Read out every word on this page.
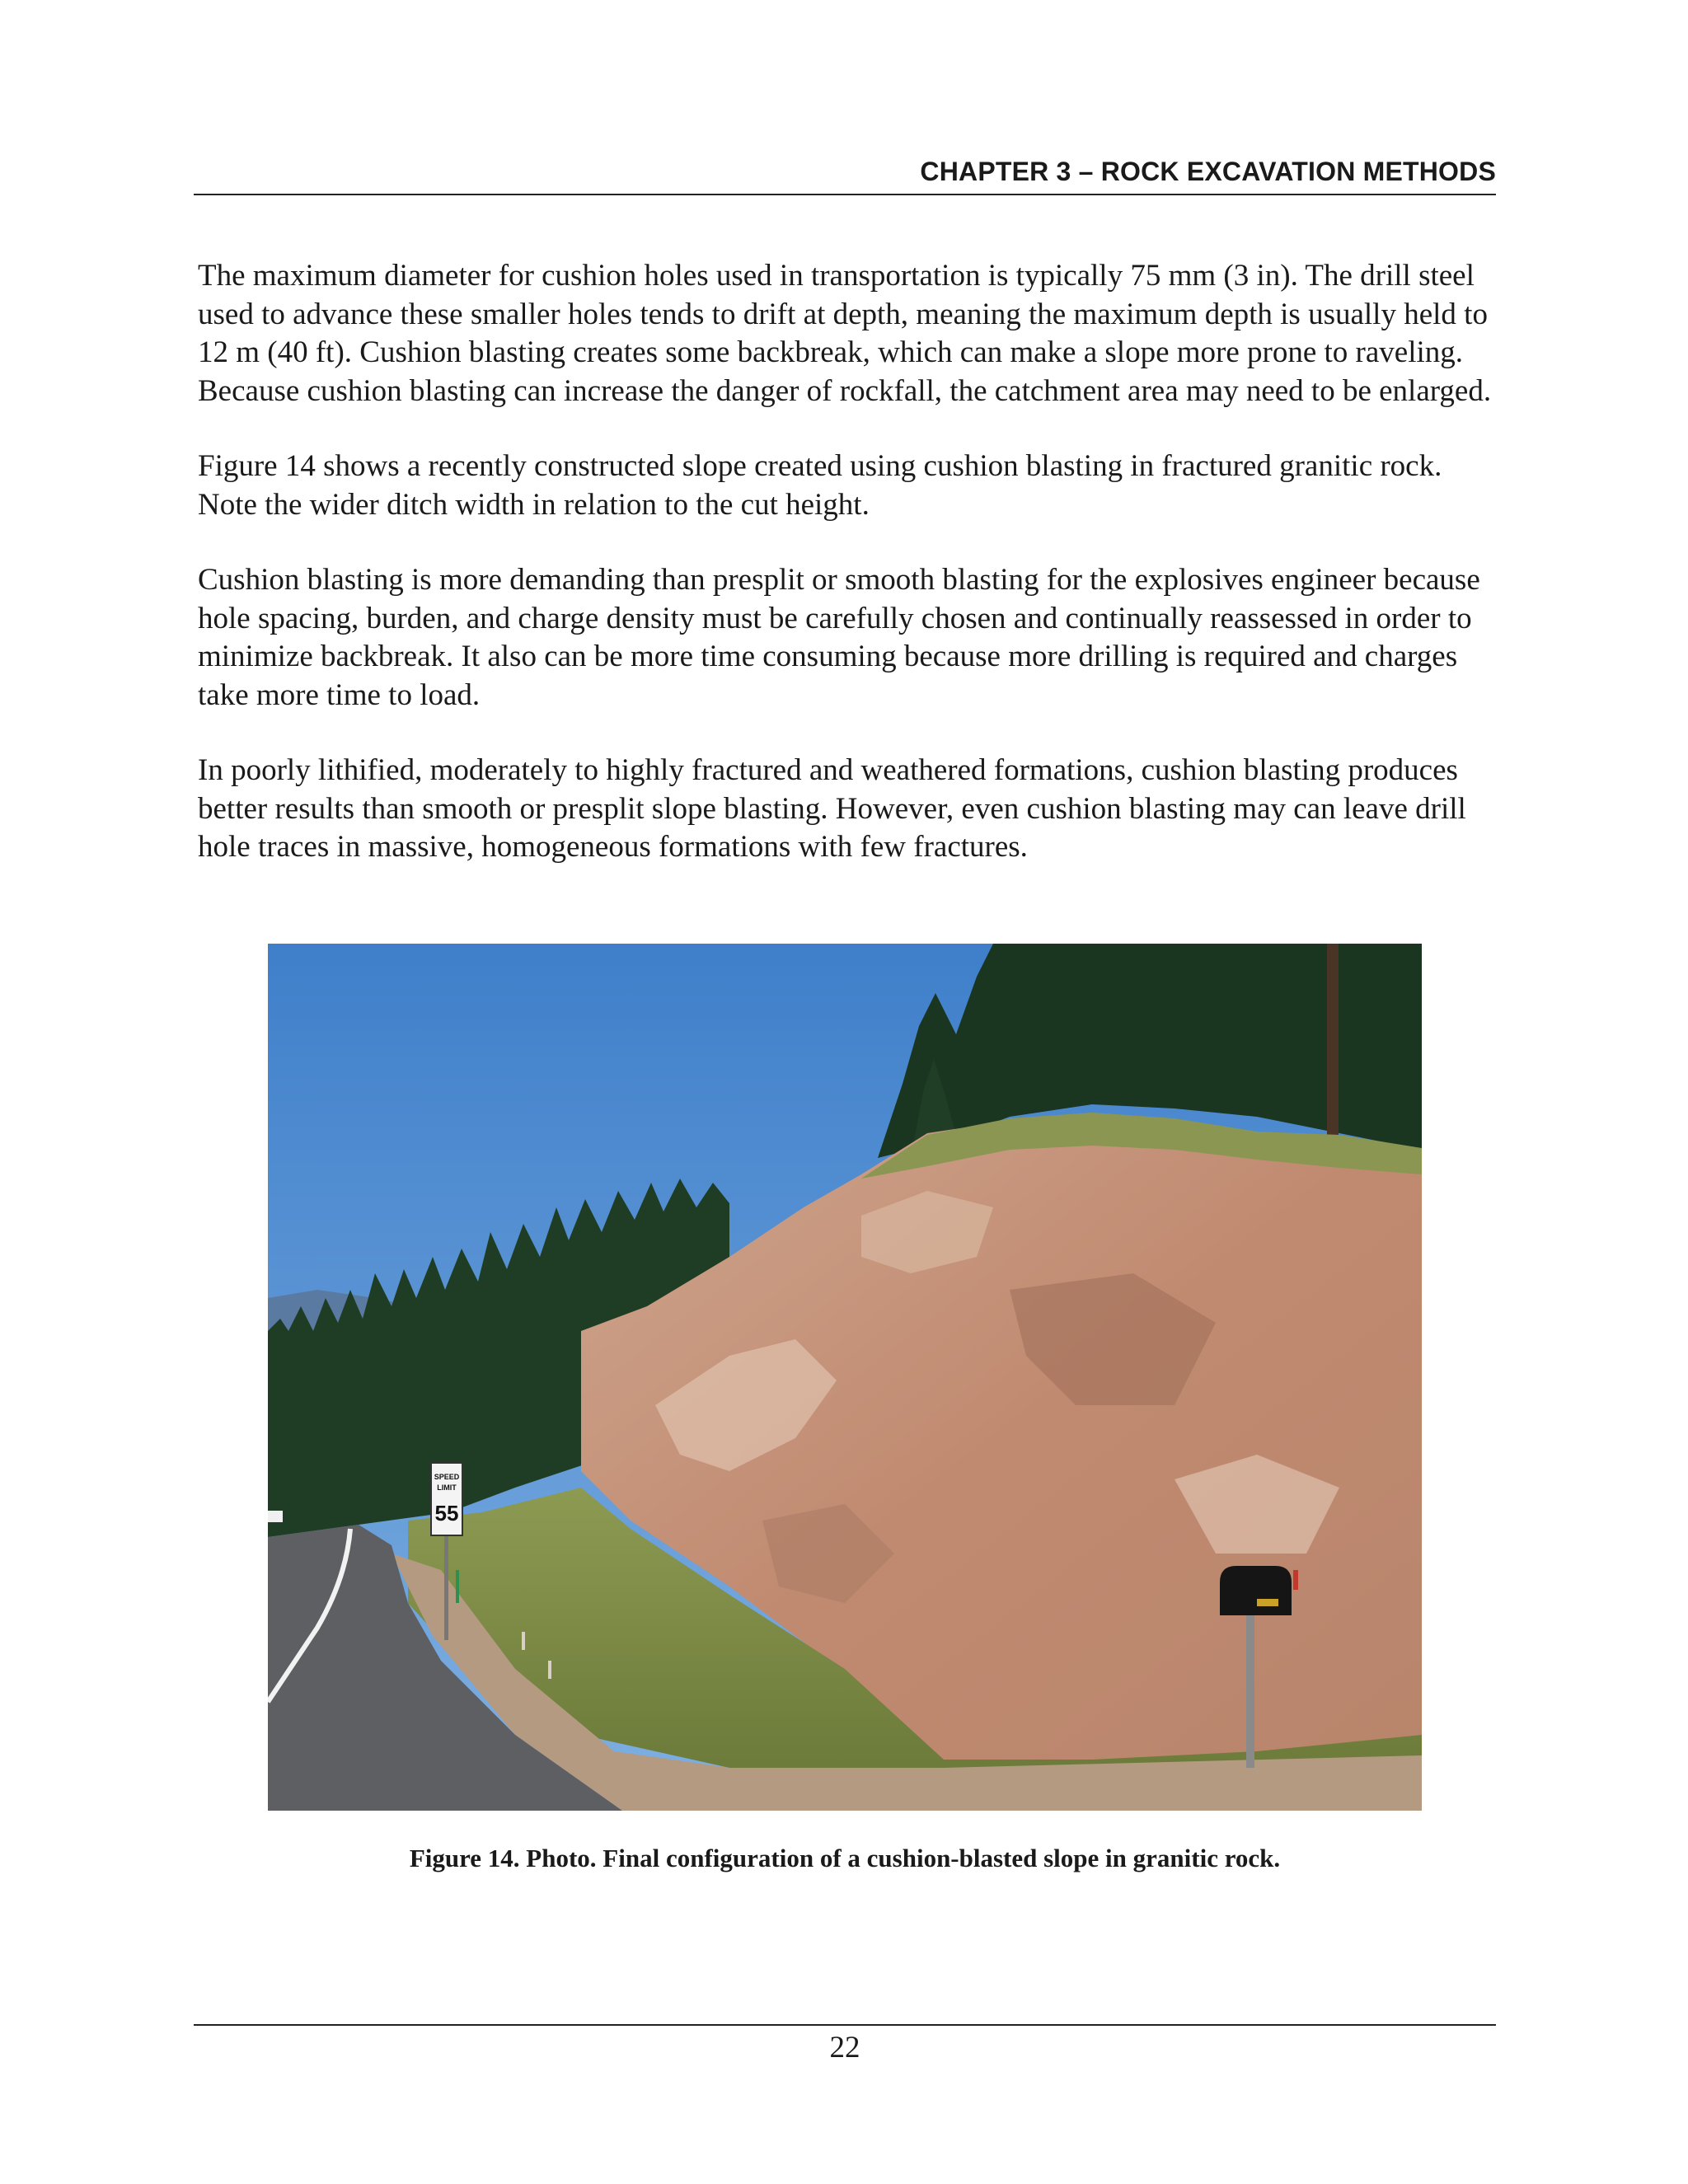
CHAPTER 3 – ROCK EXCAVATION METHODS

The maximum diameter for cushion holes used in transportation is typically 75 mm (3 in). The drill steel used to advance these smaller holes tends to drift at depth, meaning the maximum depth is usually held to 12 m (40 ft). Cushion blasting creates some backbreak, which can make a slope more prone to raveling. Because cushion blasting can increase the danger of rockfall, the catchment area may need to be enlarged.

Figure 14 shows a recently constructed slope created using cushion blasting in fractured granitic rock. Note the wider ditch width in relation to the cut height.

Cushion blasting is more demanding than presplit or smooth blasting for the explosives engineer because hole spacing, burden, and charge density must be carefully chosen and continually reassessed in order to minimize backbreak. It also can be more time consuming because more drilling is required and charges take more time to load.

In poorly lithified, moderately to highly fractured and weathered formations, cushion blasting produces better results than smooth or presplit slope blasting. However, even cushion blasting may can leave drill hole traces in massive, homogeneous formations with few fractures.

SPEED
LIMIT
55
Figure 14. Photo. Final configuration of a cushion-blasted slope in granitic rock.
22
